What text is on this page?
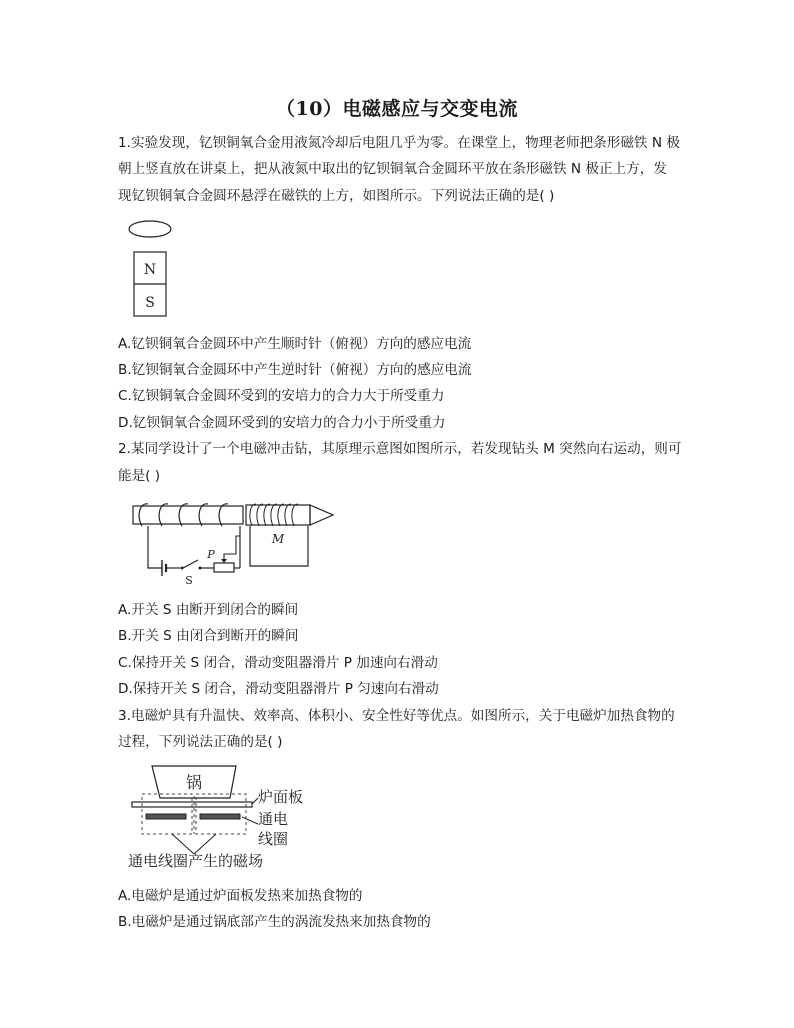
（10）电磁感应与交变电流
1.实验发现，钇钡铜氧合金用液氮冷却后电阻几乎为零。在课堂上，物理老师把条形磁铁 N 极
朝上竖直放在讲桌上，把从液氮中取出的钇钡铜氧合金圆环平放在条形磁铁 N 极正上方，发
现钇钡铜氧合金圆环悬浮在磁铁的上方，如图所示。下列说法正确的是( )
N
S
A.钇钡铜氧合金圆环中产生顺时针（俯视）方向的感应电流
B.钇钡铜氧合金圆环中产生逆时针（俯视）方向的感应电流
C.钇钡铜氧合金圆环受到的安培力的合力大于所受重力
D.钇钡铜氧合金圆环受到的安培力的合力小于所受重力
2.某同学设计了一个电磁冲击钻，其原理示意图如图所示，若发现钻头 M 突然向右运动，则可
能是( )
M
S
P
A.开关 S 由断开到闭合的瞬间
B.开关 S 由闭合到断开的瞬间
C.保持开关 S 闭合，滑动变阻器滑片 P 加速向右滑动
D.保持开关 S 闭合，滑动变阻器滑片 P 匀速向右滑动
3.电磁炉具有升温快、效率高、体积小、安全性好等优点。如图所示，关于电磁炉加热食物的
过程，下列说法正确的是( )
锅
炉面板
通电
线圈
通电线圈产生的磁场
A.电磁炉是通过炉面板发热来加热食物的
B.电磁炉是通过锅底部产生的涡流发热来加热食物的
